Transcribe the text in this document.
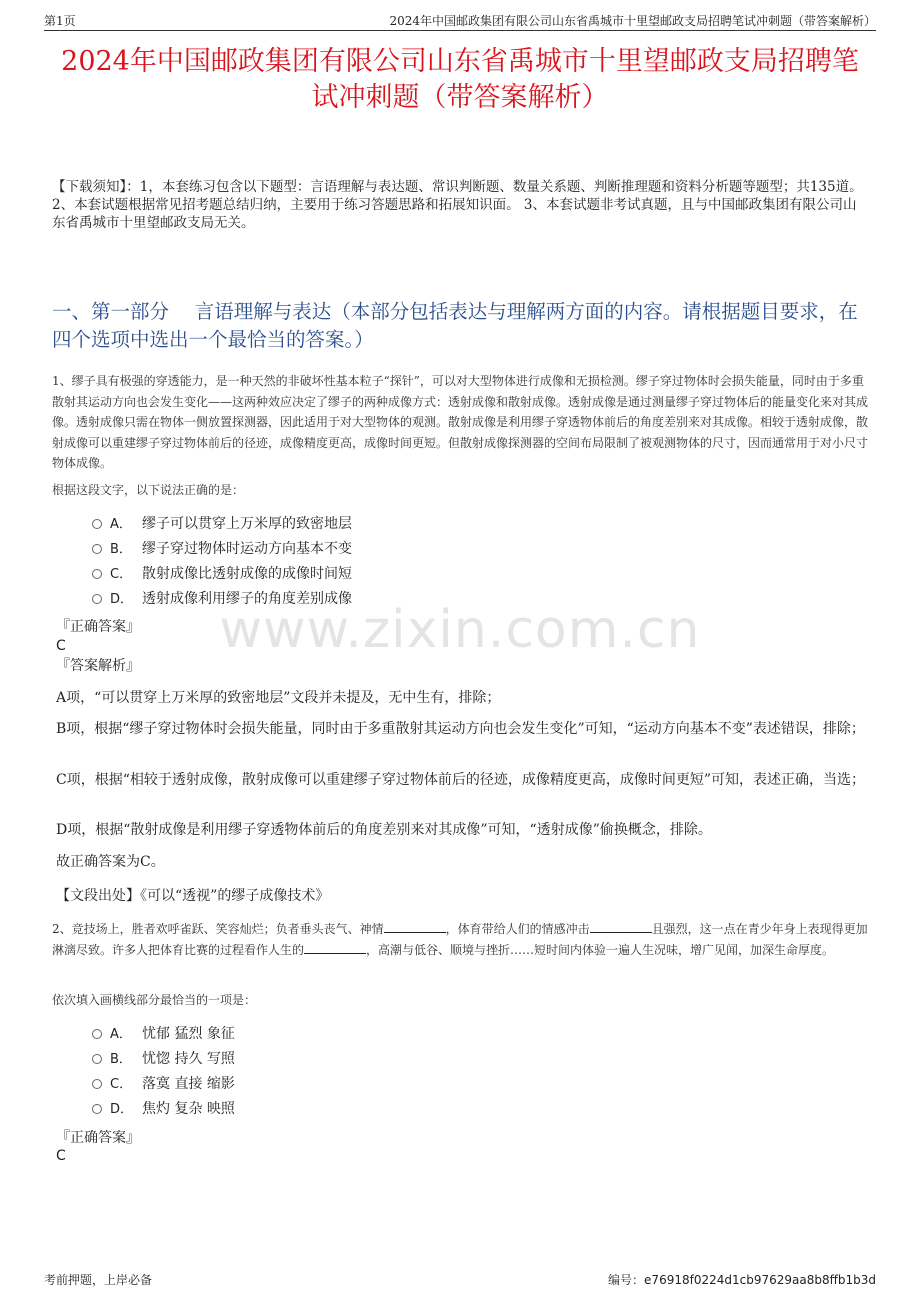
第1页	2024年中国邮政集团有限公司山东省禹城市十里望邮政支局招聘笔试冲刺题（带答案解析）
2024年中国邮政集团有限公司山东省禹城市十里望邮政支局招聘笔试冲刺题（带答案解析）
【下载须知】：1，本套练习包含以下题型：言语理解与表达题、常识判断题、数量关系题、判断推理题和资料分析题等题型；共135道。 2、本套试题根据常见招考题总结归纳，主要用于练习答题思路和拓展知识面。 3、本套试题非考试真题，且与中国邮政集团有限公司山东省禹城市十里望邮政支局无关。
一、第一部分　 言语理解与表达（本部分包括表达与理解两方面的内容。请根据题目要求，在四个选项中选出一个最恰当的答案。）
1、缪子具有极强的穿透能力，是一种天然的非破坏性基本粒子“探针”，可以对大型物体进行成像和无损检测。缪子穿过物体时会损失能量，同时由于多重散射其运动方向也会发生变化——这两种效应决定了缪子的两种成像方式：透射成像和散射成像。透射成像是通过测量缪子穿过物体后的能量变化来对其成像。透射成像只需在物体一侧放置探测器，因此适用于对大型物体的观测。散射成像是利用缪子穿透物体前后的角度差别来对其成像。相较于透射成像，散射成像可以重建缪子穿过物体前后的径迹，成像精度更高，成像时间更短。但散射成像探测器的空间布局限制了被观测物体的尺寸，因而通常用于对小尺寸物体成像。
根据这段文字，以下说法正确的是：
A． 缪子可以贯穿上万米厚的致密地层
B． 缪子穿过物体时运动方向基本不变
C． 散射成像比透射成像的成像时间短
D． 透射成像利用缪子的角度差别成像
『正确答案』
C
『答案解析』
A项，“可以贯穿上万米厚的致密地层”文段并未提及，无中生有，排除；
B项，根据“缪子穿过物体时会损失能量，同时由于多重散射其运动方向也会发生变化”可知，“运动方向基本不变”表述错误，排除；
C项，根据“相较于透射成像，散射成像可以重建缪子穿过物体前后的径迹，成像精度更高，成像时间更短”可知，表述正确，当选；
D项，根据“散射成像是利用缪子穿透物体前后的角度差别来对其成像”可知，“透射成像”偷换概念，排除。
故正确答案为C。
【文段出处】《可以“透视”的缪子成像技术》
2、竞技场上，胜者欢呼雀跃、笑容灿烂；负者垂头丧气、神情	，体育带给人们的情感冲击	且强烈，这一点在青少年身上表现得更加淋漓尽致。许多人把体育比赛的过程看作人生的	，高潮与低谷、顺境与挫折……短时间内体验一遍人生况味，增广见闻，加深生命厚度。
依次填入画横线部分最恰当的一项是：
A． 忧郁 猛烈 象征
B． 忧惚 持久 写照
C． 落寞 直接 缩影
D． 焦灼 复杂 映照
『正确答案』
C
www.zixin.com.cn
考前押题，上岸必备	编号：e76918f0224d1cb97629aa8b8ffb1b3d
